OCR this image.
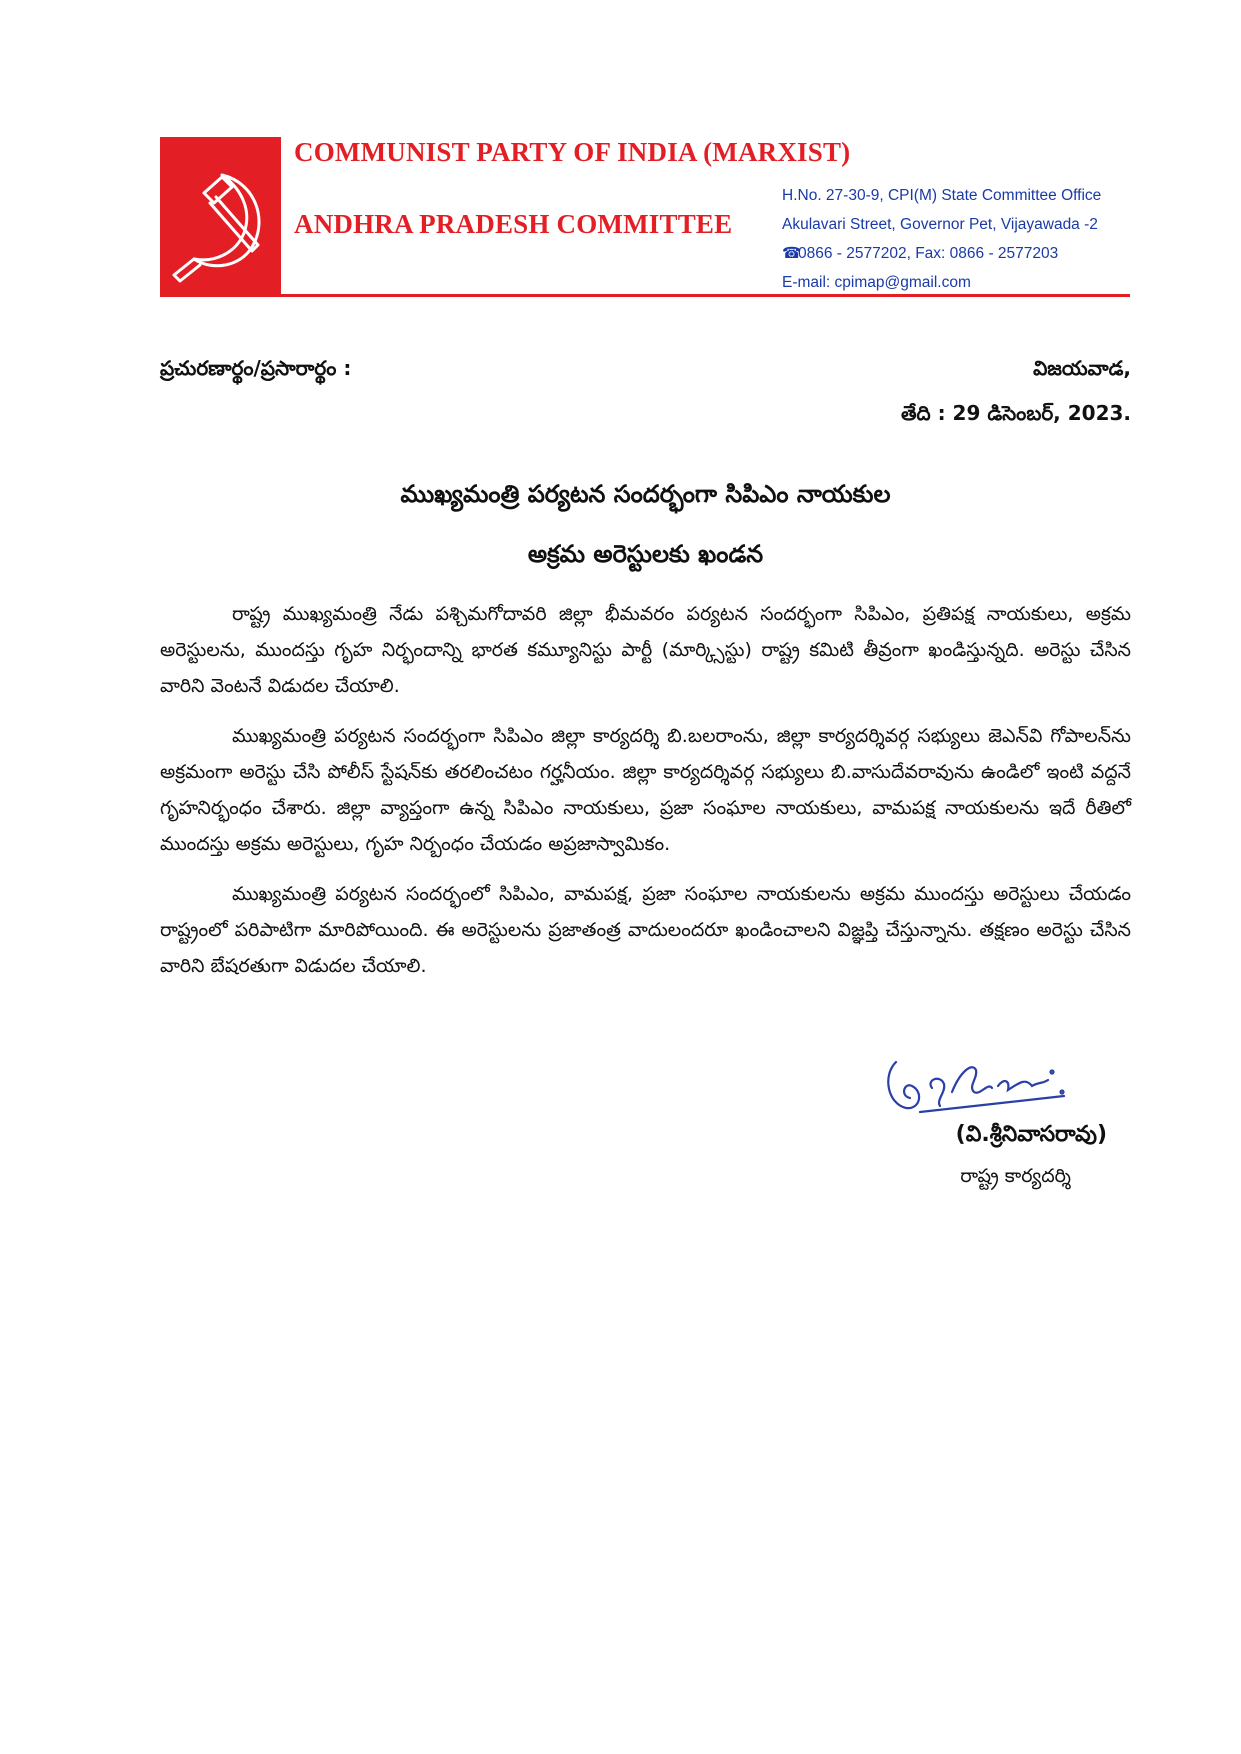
COMMUNIST PARTY OF INDIA (MARXIST)
ANDHRA PRADESH COMMITTEE
H.No. 27-30-9, CPI(M) State Committee Office
Akulavari Street, Governor Pet, Vijayawada -2
☎0866 - 2577202, Fax: 0866 - 2577203
E-mail: cpimap@gmail.com
ప్రచురణార్థం/ప్రసారార్థం :	విజయవాడ,
తేది : 29 డిసెంబర్, 2023.
ముఖ్యమంత్రి పర్యటన సందర్భంగా సిపిఎం నాయకుల
అక్రమ అరెస్టులకు ఖండన

రాష్ట్ర ముఖ్యమంత్రి నేడు పశ్చిమగోదావరి జిల్లా భీమవరం పర్యటన సందర్భంగా సిపిఎం, ప్రతిపక్ష నాయకులు, అక్రమ అరెస్టులను, ముందస్తు గృహ నిర్భందాన్ని భారత కమ్యూనిస్టు పార్టీ (మార్క్సిస్టు) రాష్ట్ర కమిటి తీవ్రంగా ఖండిస్తున్నది. అరెస్టు చేసిన వారిని వెంటనే విడుదల చేయాలి.

ముఖ్యమంత్రి పర్యటన సందర్భంగా సిపిఎం జిల్లా కార్యదర్శి బి.బలరాంను, జిల్లా కార్యదర్శివర్గ సభ్యులు జెఎన్‌వి గోపాలన్‌ను అక్రమంగా అరెస్టు చేసి పోలీస్ స్టేషన్‌కు తరలించటం గర్హనీయం. జిల్లా కార్యదర్శివర్గ సభ్యులు బి.వాసుదేవరావును ఉండిలో ఇంటి వద్దనే గృహనిర్భంధం చేశారు. జిల్లా వ్యాప్తంగా ఉన్న సిపిఎం నాయకులు, ప్రజా సంఘాల నాయకులు, వామపక్ష నాయకులను ఇదే రీతిలో ముందస్తు అక్రమ అరెస్టులు, గృహ నిర్బంధం చేయడం అప్రజాస్వామికం.

ముఖ్యమంత్రి పర్యటన సందర్భంలో సిపిఎం, వామపక్ష, ప్రజా సంఘాల నాయకులను అక్రమ ముందస్తు అరెస్టులు చేయడం రాష్ట్రంలో పరిపాటిగా మారిపోయింది. ఈ అరెస్టులను ప్రజాతంత్ర వాదులందరూ ఖండించాలని విజ్ఞప్తి చేస్తున్నాను. తక్షణం అరెస్టు చేసిన వారిని బేషరతుగా విడుదల చేయాలి.

(వి.శ్రీనివాసరావు)
రాష్ట్ర కార్యదర్శి
